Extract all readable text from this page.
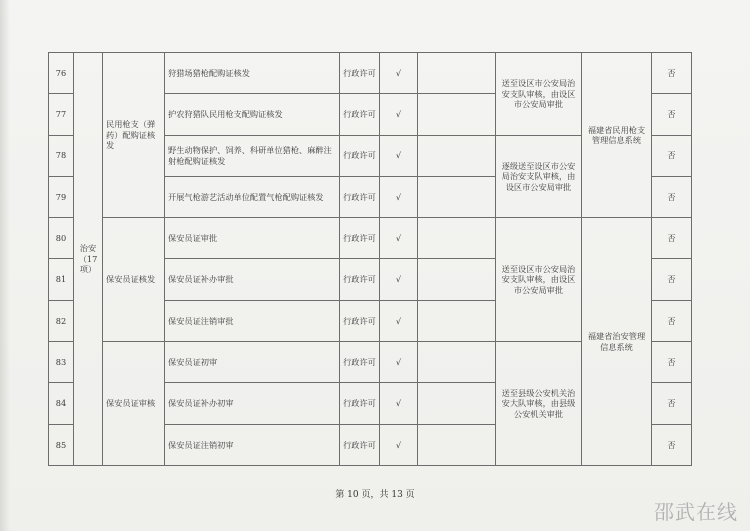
76	治安（17项）	民用枪支（弹药）配购证核发	狩猎场猎枪配购证核发	行政许可	√		送至设区市公安局治安支队审核，由设区市公安局审批	福建省民用枪支管理信息系统	否
77			护农狩猎队民用枪支配购证核发	行政许可	√				否
78			野生动物保护、饲养、科研单位猎枪、麻醉注射枪配购证核发	行政许可	√		逐级送至设区市公安局治安支队审核，由设区市公安局审批		否
79			开展气枪游艺活动单位配置气枪配购证核发	行政许可	√				否
80		保安员证核发	保安员证审批	行政许可	√		送至设区市公安局治安支队审核，由设区市公安局审批	福建省治安管理信息系统	否
81			保安员证补办审批	行政许可	√				否
82			保安员证注销审批	行政许可	√				否
83		保安员证审核	保安员证初审	行政许可	√		送至县级公安机关治安大队审核，由县级公安机关审批		否
84			保安员证补办初审	行政许可	√				否
85			保安员证注销初审	行政许可	√				否
第 10 页，共 13 页
邵武在线
